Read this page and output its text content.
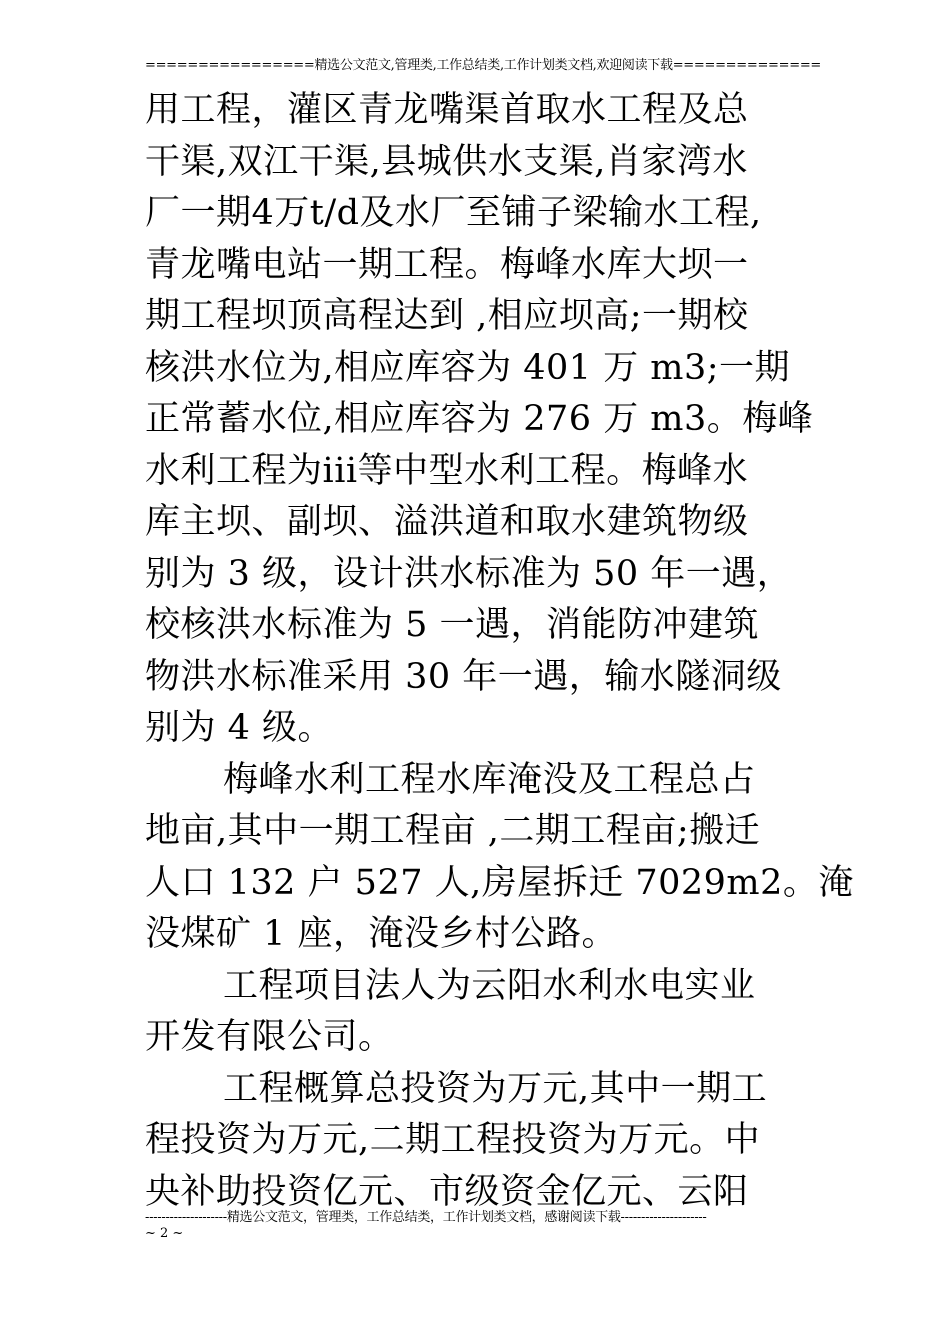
================精选公文范文,管理类,工作总结类,工作计划类文档,欢迎阅读下载==============
用工程，灌区青龙嘴渠首取水工程及总
干渠,双江干渠,县城供水支渠,肖家湾水
厂一期4万t/d及水厂至铺子梁输水工程,
青龙嘴电站一期工程。梅峰水库大坝一
期工程坝顶高程达到 ,相应坝高;一期校
核洪水位为,相应库容为 401 万 m3;一期
正常蓄水位,相应库容为 276 万 m3。梅峰
水利工程为iii等中型水利工程。梅峰水
库主坝、副坝、溢洪道和取水建筑物级
别为 3 级，设计洪水标准为 50 年一遇，
校核洪水标准为 5 一遇，消能防冲建筑
物洪水标准采用 30 年一遇，输水隧洞级
别为 4 级。
梅峰水利工程水库淹没及工程总占
地亩,其中一期工程亩 ,二期工程亩;搬迁
人口 132 户 527 人,房屋拆迁 7029m2。淹
没煤矿 1 座，淹没乡村公路。
工程项目法人为云阳水利水电实业
开发有限公司。
工程概算总投资为万元,其中一期工
程投资为万元,二期工程投资为万元。中
央补助投资亿元、市级资金亿元、云阳
--------------------精选公文范文，管理类，工作总结类，工作计划类文档，感谢阅读下载---------------------
~ 2 ~
